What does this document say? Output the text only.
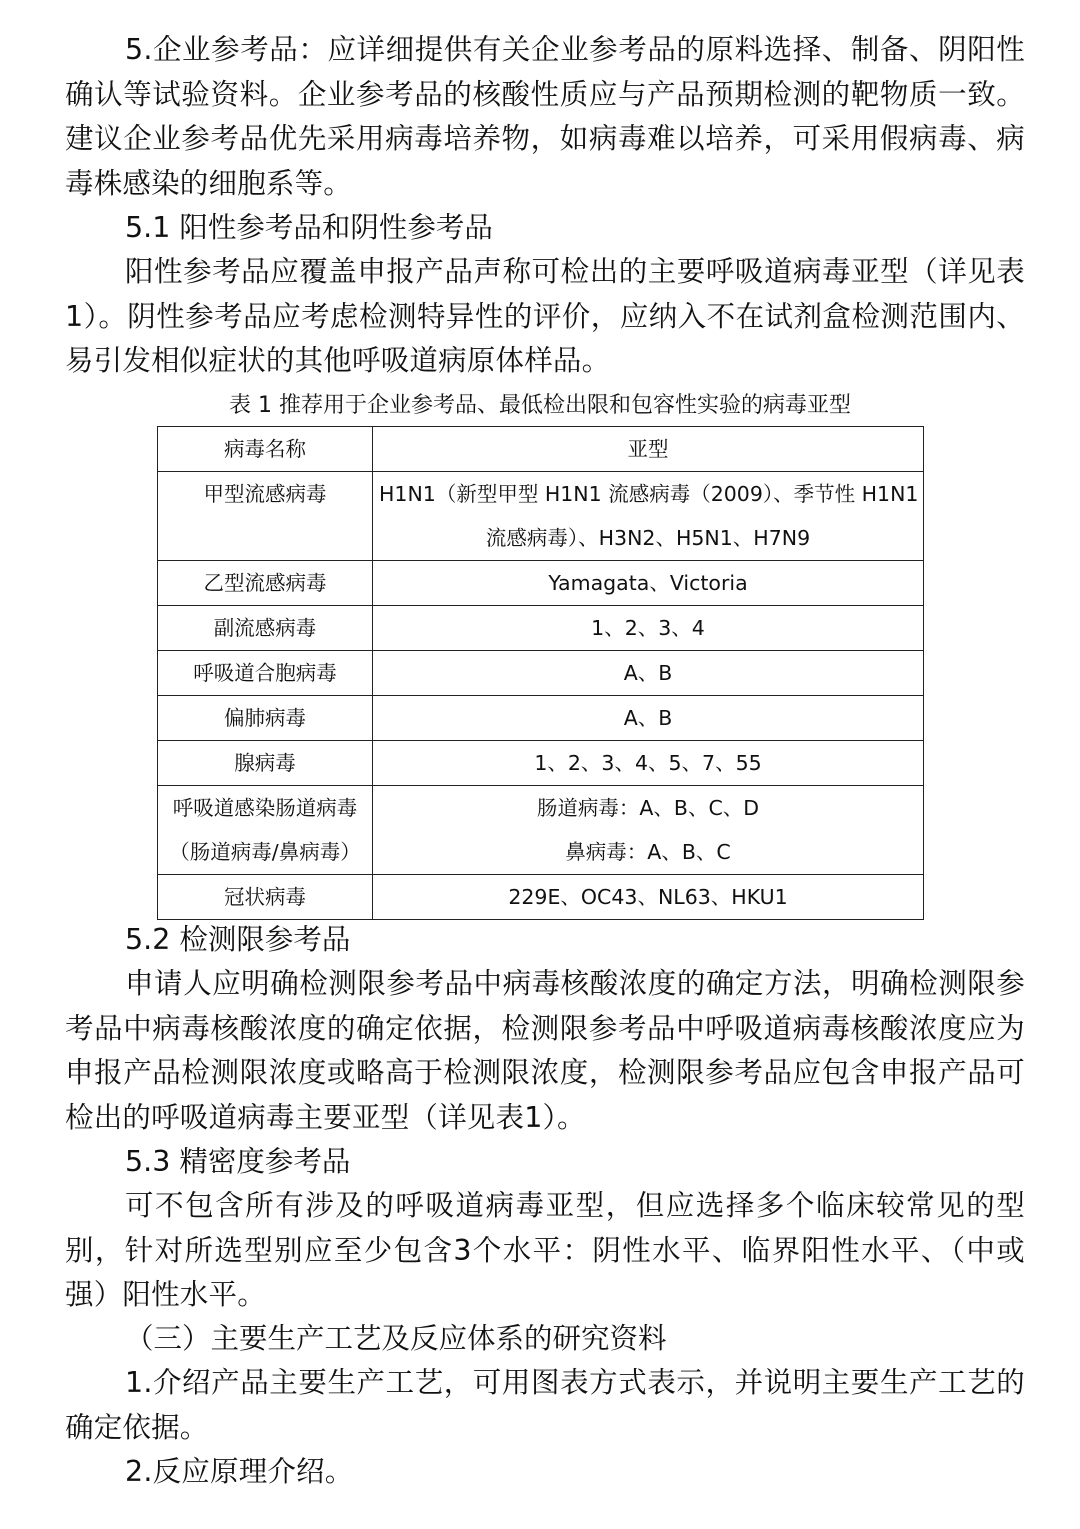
5.企业参考品：应详细提供有关企业参考品的原料选择、制备、阴阳性确认等试验资料。企业参考品的核酸性质应与产品预期检测的靶物质一致。建议企业参考品优先采用病毒培养物，如病毒难以培养，可采用假病毒、病毒株感染的细胞系等。

5.1 阳性参考品和阴性参考品

阳性参考品应覆盖申报产品声称可检出的主要呼吸道病毒亚型（详见表1）。阴性参考品应考虑检测特异性的评价，应纳入不在试剂盒检测范围内、易引发相似症状的其他呼吸道病原体样品。

表 1 推荐用于企业参考品、最低检出限和包容性实验的病毒亚型
病毒名称	亚型

甲型流感病毒	H1N1（新型甲型 H1N1 流感病毒（2009）、季节性 H1N1
流感病毒）、H3N2、H5N1、H7N9

乙型流感病毒	Yamagata、Victoria

副流感病毒	1、2、3、4

呼吸道合胞病毒	A、B

偏肺病毒	A、B

腺病毒	1、2、3、4、5、7、55

呼吸道感染肠道病毒
（肠道病毒/鼻病毒）	肠道病毒：A、B、C、D
鼻病毒：A、B、C

冠状病毒	229E、OC43、NL63、HKU1

5.2 检测限参考品

申请人应明确检测限参考品中病毒核酸浓度的确定方法，明确检测限参考品中病毒核酸浓度的确定依据，检测限参考品中呼吸道病毒核酸浓度应为申报产品检测限浓度或略高于检测限浓度，检测限参考品应包含申报产品可检出的呼吸道病毒主要亚型（详见表1）。

5.3 精密度参考品

可不包含所有涉及的呼吸道病毒亚型，但应选择多个临床较常见的型别，针对所选型别应至少包含3个水平：阴性水平、临界阳性水平、（中或强）阳性水平。

（三）主要生产工艺及反应体系的研究资料

1.介绍产品主要生产工艺，可用图表方式表示，并说明主要生产工艺的确定依据。

2.反应原理介绍。
